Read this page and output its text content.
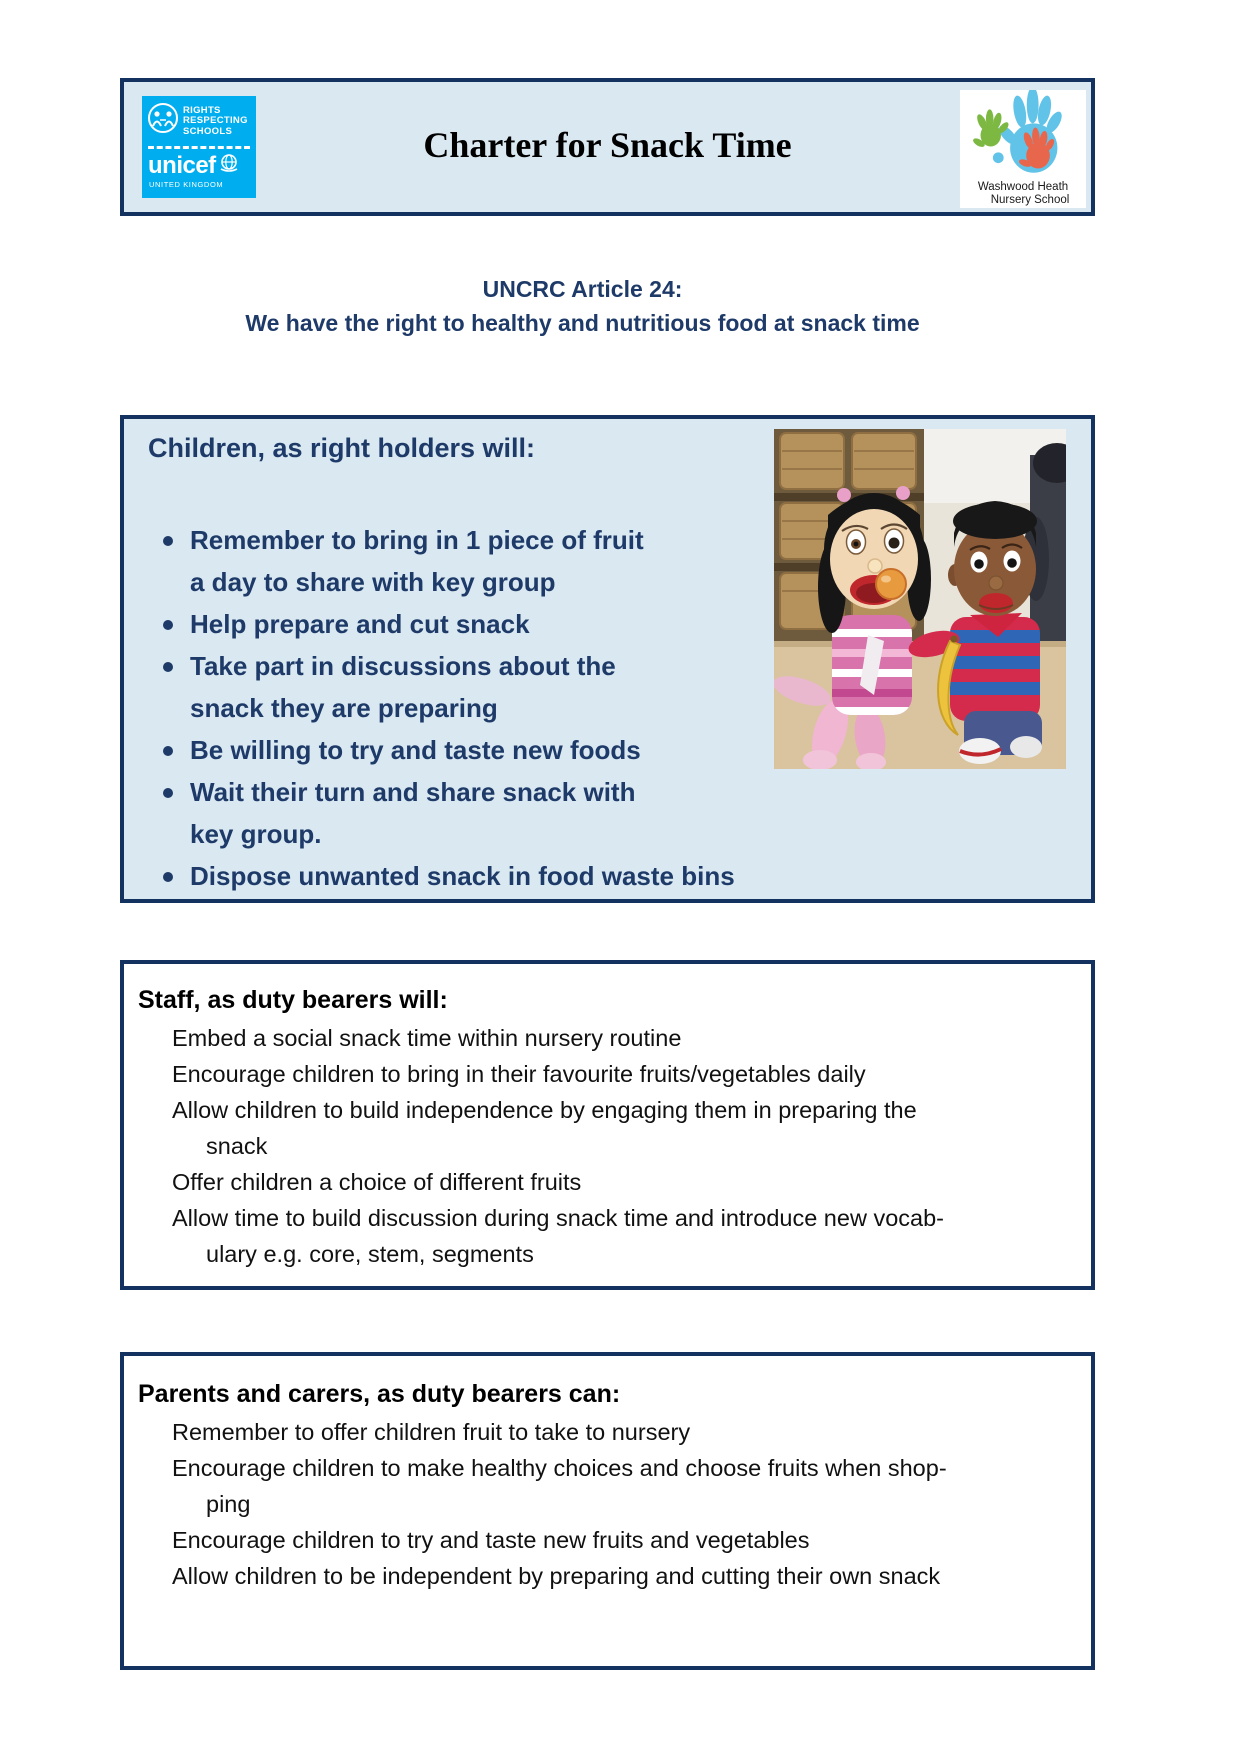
RIGHTS
RESPECTING
SCHOOLS
unicef
UNITED KINGDOM
Charter for Snack Time
Washwood Heath
Nursery School
UNCRC Article 24:
We have the right to healthy and nutritious food at snack time
Children, as right holders will:
Remember to bring in 1 piece of fruit
a day to share with key group
Help prepare and cut snack
Take part in discussions about the
snack they are preparing
Be willing to try and taste new foods
Wait their turn and share snack with
key group.
Dispose unwanted snack in food waste bins
Staff, as duty bearers will:
Embed a social snack time within nursery routine
Encourage children to bring in their favourite fruits/vegetables daily
Allow children to build independence by engaging them in preparing the
snack
Offer children a choice of different fruits
Allow time to build discussion during snack time and introduce new vocab-
ulary e.g. core, stem, segments
Parents and carers, as duty bearers can:
Remember to offer children fruit to take to nursery
Encourage children to make healthy choices and choose fruits when shop-
ping
Encourage children to try and taste new fruits and vegetables
Allow children to be independent by preparing and cutting their own snack
